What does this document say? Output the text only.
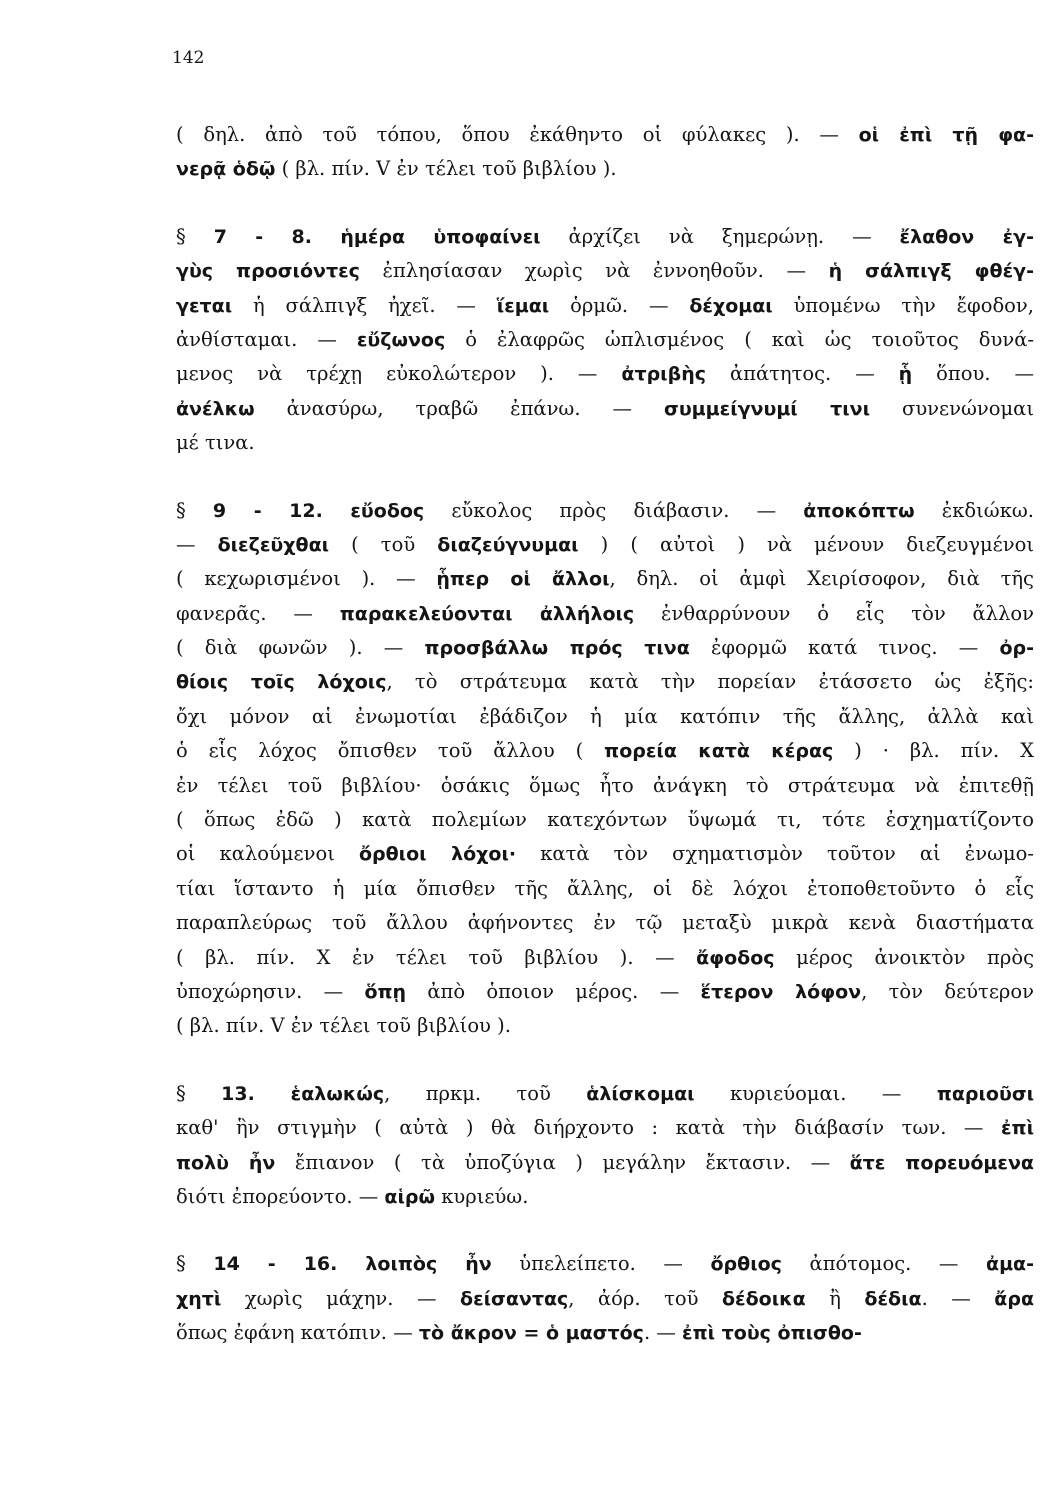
142
( δηλ. ἀπὸ τοῦ τόπου, ὅπου ἐκάθηντο οἱ φύλακες ). — οἱ ἐπὶ τῇ φα-
νερᾷ ὁδῷ ( βλ. πίν. V ἐν τέλει τοῦ βιβλίου ).
§ 7 - 8. ἡμέρα ὑποφαίνει ἀρχίζει νὰ ξημερώνῃ. — ἔλαθον ἐγ-
γὺς προσιόντες ἐπλησίασαν χωρὶς νὰ ἐννοηθοῦν. — ἡ σάλπιγξ φθέγ-
γεται ἡ σάλπιγξ ἠχεῖ. — ἵεμαι ὁρμῶ. — δέχομαι ὑπομένω τὴν ἔφοδον,
ἀνθίσταμαι. — εὔζωνος ὁ ἐλαφρῶς ὡπλισμένος ( καὶ ὡς τοιοῦτος δυνά-
μενος νὰ τρέχῃ εὐκολώτερον ). — ἀτριβὴς ἀπάτητος. — ᾗ ὅπου. —
ἀνέλκω ἀνασύρω, τραβῶ ἐπάνω. — συμμείγνυμί τινι συνενώνομαι
μέ τινα.
§ 9 - 12. εὔοδος εὔκολος πρὸς διάβασιν. — ἀποκόπτω ἐκδιώκω.
— διεζεῦχθαι ( τοῦ διαζεύγνυμαι ) ( αὐτοὶ ) νὰ μένουν διεζευγμένοι
( κεχωρισμένοι ). — ᾗπερ οἱ ἄλλοι, δηλ. οἱ ἀμφὶ Χειρίσοφον, διὰ τῆς
φανερᾶς. — παρακελεύονται ἀλλήλοις ἐνθαρρύνουν ὁ εἷς τὸν ἄλλον
( διὰ φωνῶν ). — προσβάλλω πρός τινα ἐφορμῶ κατά τινος. — ὀρ-
θίοις τοῖς λόχοις, τὸ στράτευμα κατὰ τὴν πορείαν ἐτάσσετο ὡς ἑξῆς:
ὄχι μόνον αἱ ἐνωμοτίαι ἐβάδιζον ἡ μία κατόπιν τῆς ἄλλης, ἀλλὰ καὶ
ὁ εἷς λόχος ὄπισθεν τοῦ ἄλλου ( πορεία κατὰ κέρας ) · βλ. πίν. Χ
ἐν τέλει τοῦ βιβλίου· ὁσάκις ὅμως ἦτο ἀνάγκη τὸ στράτευμα νὰ ἐπιτεθῇ
( ὅπως ἐδῶ ) κατὰ πολεμίων κατεχόντων ὕψωμά τι, τότε ἐσχηματίζοντο
οἱ καλούμενοι ὄρθιοι λόχοι· κατὰ τὸν σχηματισμὸν τοῦτον αἱ ἐνωμο-
τίαι ἵσταντο ἡ μία ὄπισθεν τῆς ἄλλης, οἱ δὲ λόχοι ἐτοποθετοῦντο ὁ εἷς
παραπλεύρως τοῦ ἄλλου ἀφήνοντες ἐν τῷ μεταξὺ μικρὰ κενὰ διαστήματα
( βλ. πίν. Χ ἐν τέλει τοῦ βιβλίου ). — ἄφοδος μέρος ἀνοικτὸν πρὸς
ὑποχώρησιν. — ὅπῃ ἀπὸ ὁποιον μέρος. — ἕτερον λόφον, τὸν δεύτερον
( βλ. πίν. V ἐν τέλει τοῦ βιβλίου ).
§ 13. ἑαλωκώς, πρκμ. τοῦ ἁλίσκομαι κυριεύομαι. — παριοῦσι
καθ' ἣν στιγμὴν ( αὐτὰ ) θὰ διήρχοντο : κατὰ τὴν διάβασίν των. — ἐπὶ
πολὺ ἦν ἔπιανον ( τὰ ὑποζύγια ) μεγάλην ἔκτασιν. — ἅτε πορευόμενα
διότι ἐπορεύοντο. — αἱρῶ κυριεύω.
§ 14 - 16. λοιπὸς ἦν ὑπελείπετο. — ὄρθιος ἀπότομος. — ἀμα-
χητὶ χωρὶς μάχην. — δείσαντας, ἀόρ. τοῦ δέδοικα ἢ δέδια. — ἄρα
ὅπως ἐφάνη κατόπιν. — τὸ ἄκρον = ὁ μαστός. — ἐπὶ τοὺς ὀπισθο-
